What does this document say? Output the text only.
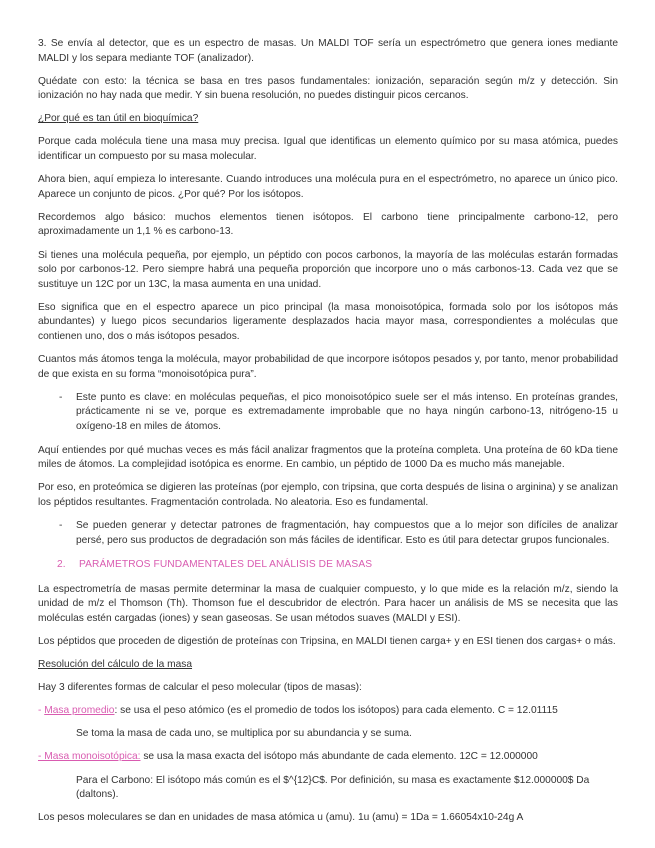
3. Se envía al detector, que es un espectro de masas. Un MALDI TOF sería un espectrómetro que genera iones mediante MALDI y los separa mediante TOF (analizador).

Quédate con esto: la técnica se basa en tres pasos fundamentales: ionización, separación según m/z y detección. Sin ionización no hay nada que medir. Y sin buena resolución, no puedes distinguir picos cercanos.

¿Por qué es tan útil en bioquímica?

Porque cada molécula tiene una masa muy precisa. Igual que identificas un elemento químico por su masa atómica, puedes identificar un compuesto por su masa molecular.

Ahora bien, aquí empieza lo interesante. Cuando introduces una molécula pura en el espectrómetro, no aparece un único pico. Aparece un conjunto de picos. ¿Por qué? Por los isótopos.

Recordemos algo básico: muchos elementos tienen isótopos. El carbono tiene principalmente carbono-12, pero aproximadamente un 1,1 % es carbono-13.

Si tienes una molécula pequeña, por ejemplo, un péptido con pocos carbonos, la mayoría de las moléculas estarán formadas solo por carbonos-12. Pero siempre habrá una pequeña proporción que incorpore uno o más carbonos-13. Cada vez que se sustituye un 12C por un 13C, la masa aumenta en una unidad.

Eso significa que en el espectro aparece un pico principal (la masa monoisotópica, formada solo por los isótopos más abundantes) y luego picos secundarios ligeramente desplazados hacia mayor masa, correspondientes a moléculas que contienen uno, dos o más isótopos pesados.

Cuantos más átomos tenga la molécula, mayor probabilidad de que incorpore isótopos pesados y, por tanto, menor probabilidad de que exista en su forma “monoisotópica pura”.

- Este punto es clave: en moléculas pequeñas, el pico monoisotópico suele ser el más intenso. En proteínas grandes, prácticamente ni se ve, porque es extremadamente improbable que no haya ningún carbono-13, nitrógeno-15 u oxígeno-18 en miles de átomos.

Aquí entiendes por qué muchas veces es más fácil analizar fragmentos que la proteína completa. Una proteína de 60 kDa tiene miles de átomos. La complejidad isotópica es enorme. En cambio, un péptido de 1000 Da es mucho más manejable.

Por eso, en proteómica se digieren las proteínas (por ejemplo, con tripsina, que corta después de lisina o arginina) y se analizan los péptidos resultantes. Fragmentación controlada. No aleatoria. Eso es fundamental.

- Se pueden generar y detectar patrones de fragmentación, hay compuestos que a lo mejor son difíciles de analizar persé, pero sus productos de degradación son más fáciles de identificar. Esto es útil para detectar grupos funcionales.
2. PARÁMETROS FUNDAMENTALES DEL ANÁLISIS DE MASAS

La espectrometría de masas permite determinar la masa de cualquier compuesto, y lo que mide es la relación m/z, siendo la unidad de m/z el Thomson (Th). Thomson fue el descubridor de electrón. Para hacer un análisis de MS se necesita que las moléculas estén cargadas (iones) y sean gaseosas. Se usan métodos suaves (MALDI y ESI).

Los péptidos que proceden de digestión de proteínas con Tripsina, en MALDI tienen carga+ y en ESI tienen dos cargas+ o más.

Resolución del cálculo de la masa

Hay 3 diferentes formas de calcular el peso molecular (tipos de masas):

- Masa promedio: se usa el peso atómico (es el promedio de todos los isótopos) para cada elemento. C = 12.01115

Se toma la masa de cada uno, se multiplica por su abundancia y se suma.

- Masa monoisotópica: se usa la masa exacta del isótopo más abundante de cada elemento. 12C = 12.000000

Para el Carbono: El isótopo más común es el $^{12}C$. Por definición, su masa es exactamente $12.000000$ Da (daltons).

Los pesos moleculares se dan en unidades de masa atómica u (amu). 1u (amu) = 1Da = 1.66054x10-24g A
